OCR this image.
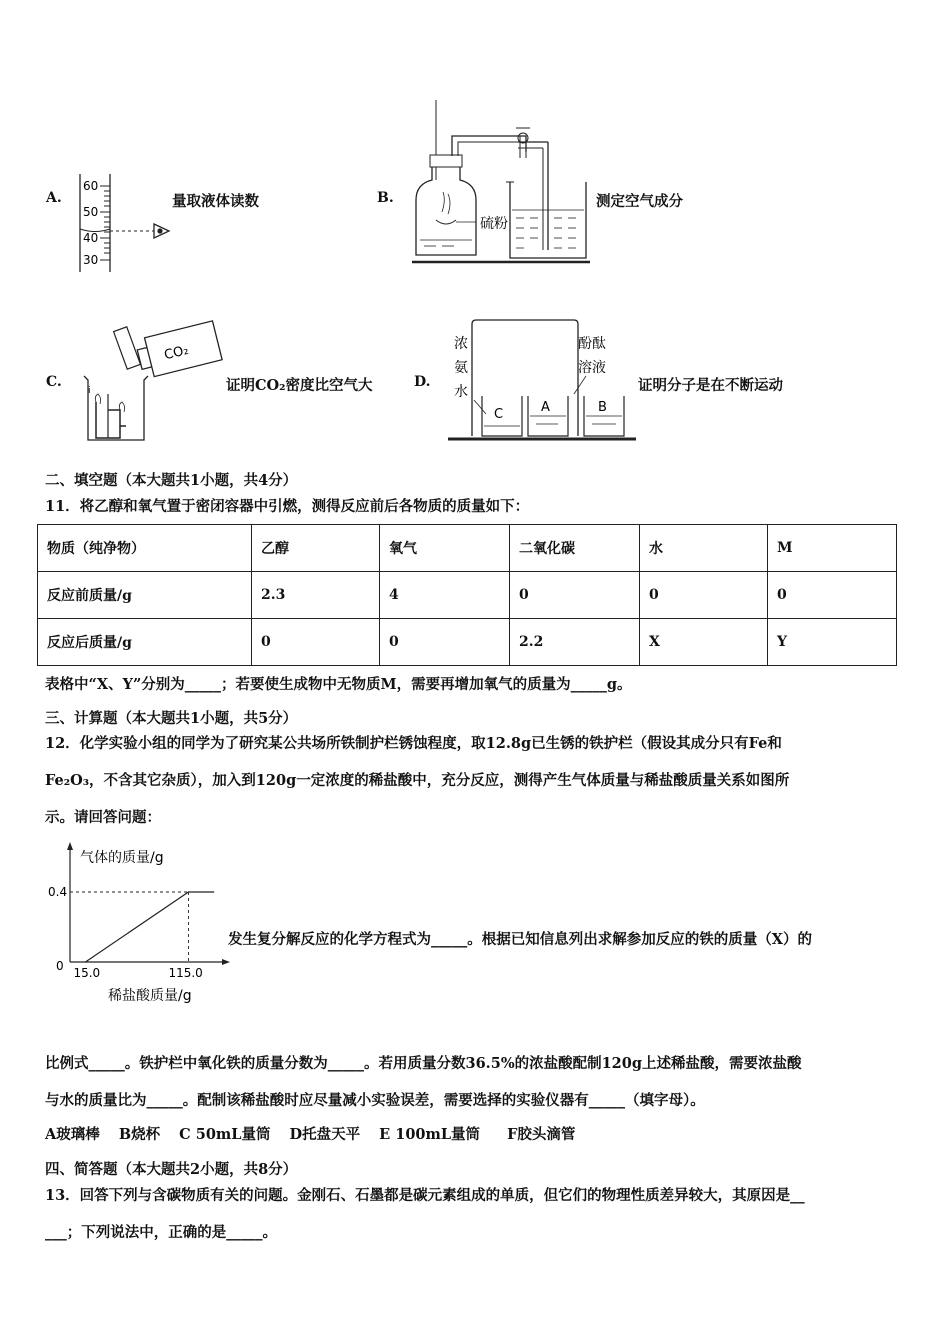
A.
60
50
40
30
量取液体读数	B.
硫粉
测定空气成分
C.
CO₂
i	证明CO₂密度比空气大	D.
浓
氨
水
酚酞
溶液
C	A	B
证明分子是在不断运动
二、填空题（本大题共1小题，共4分）
11．将乙醇和氧气置于密闭容器中引燃，测得反应前后各物质的质量如下：
物质（纯净物）	乙醇	氧气	二氧化碳	水	M
反应前质量/g	2.3	4	0	0	0
反应后质量/g	0	0	2.2	X	Y
表格中“X、Y”分别为_____；若要使生成物中无物质M，需要再增加氧气的质量为_____g。
三、计算题（本大题共1小题，共5分）
12．化学实验小组的同学为了研究某公共场所铁制护栏锈蚀程度，取12.8g已生锈的铁护栏（假设其成分只有Fe和
Fe₂O₃，不含其它杂质），加入到120g一定浓度的稀盐酸中，充分反应，测得产生气体质量与稀盐酸质量关系如图所
示。请回答问题：
气体的质量/g
稀盐酸质量/g
0 15.0	115.0
0.4
发生复分解反应的化学方程式为_____。根据已知信息列出求解参加反应的铁的质量（X）的
比例式_____。铁护栏中氧化铁的质量分数为_____。若用质量分数36.5%的浓盐酸配制120g上述稀盐酸，需要浓盐酸
与水的质量比为_____。配制该稀盐酸时应尽量减小实验误差，需要选择的实验仪器有_____（填字母）。
A玻璃棒 B烧杯 C 50mL量筒 D托盘天平 E 100mL量筒 F胶头滴管
四、简答题（本大题共2小题，共8分）
13．回答下列与含碳物质有关的问题。金刚石、石墨都是碳元素组成的单质，但它们的物理性质差异较大，其原因是__
___；下列说法中，正确的是_____。
